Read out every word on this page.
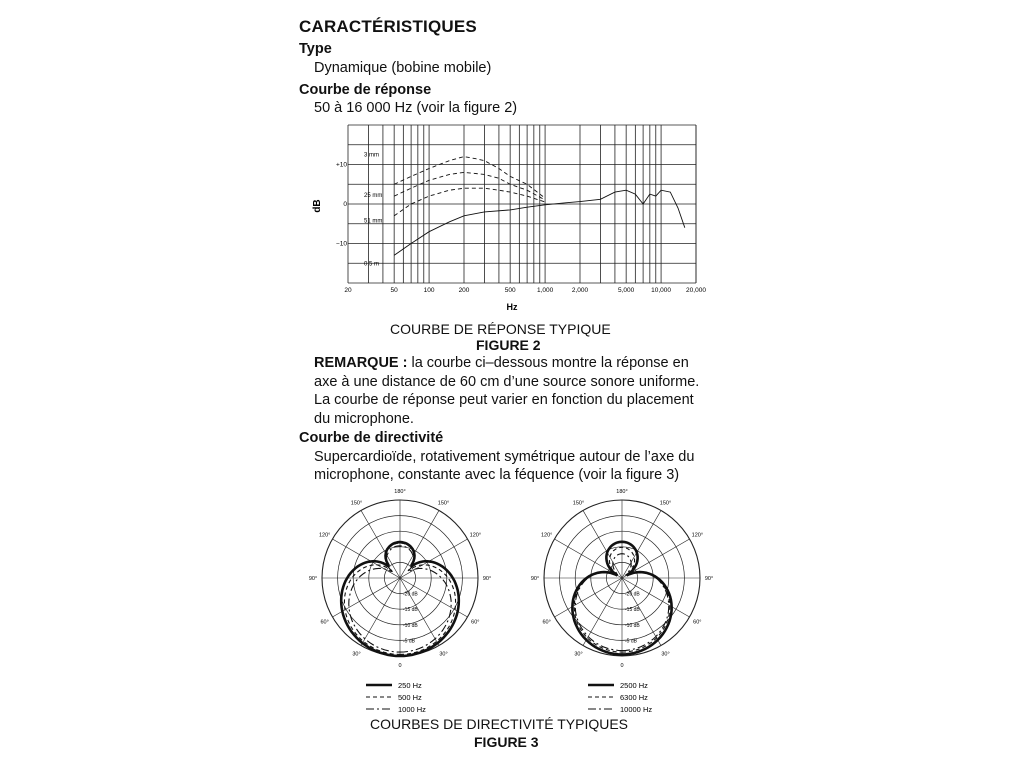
CARACTÉRISTIQUES
Type
Dynamique (bobine mobile)
Courbe de réponse
50 à 16 000 Hz (voir la figure 2)
20	50	100	200	500	1,000	2,000	5,000	10,000 20,000
+10
0
−10
3 mm
25 mm
51 mm
0.5 m
dB
Hz
COURBE DE RÉPONSE TYPIQUE
FIGURE 2
REMARQUE : la courbe ci–dessous montre la réponse en
axe à une distance de 60 cm d’une source sonore uniforme.
La courbe de réponse peut varier en fonction du placement
du microphone.
Courbe de directivité
Supercardioïde, rotativement symétrique autour de l’axe du
microphone, constante avec la féquence (voir la figure 3)
180°
150°	150°
120°	120°
90°	90°
60°	60°
30°	30°
0
-20 dB
-15 dB
-10 dB
-5 dB
250 Hz
500 Hz
1000 Hz
180°
150°	150°
120°	120°
90°	90°
60°	60°
30°	30°
0
-20 dB
-15 dB
-10 dB
-5 dB
2500 Hz
6300 Hz
10000 Hz
COURBES DE DIRECTIVITÉ TYPIQUES
FIGURE 3
